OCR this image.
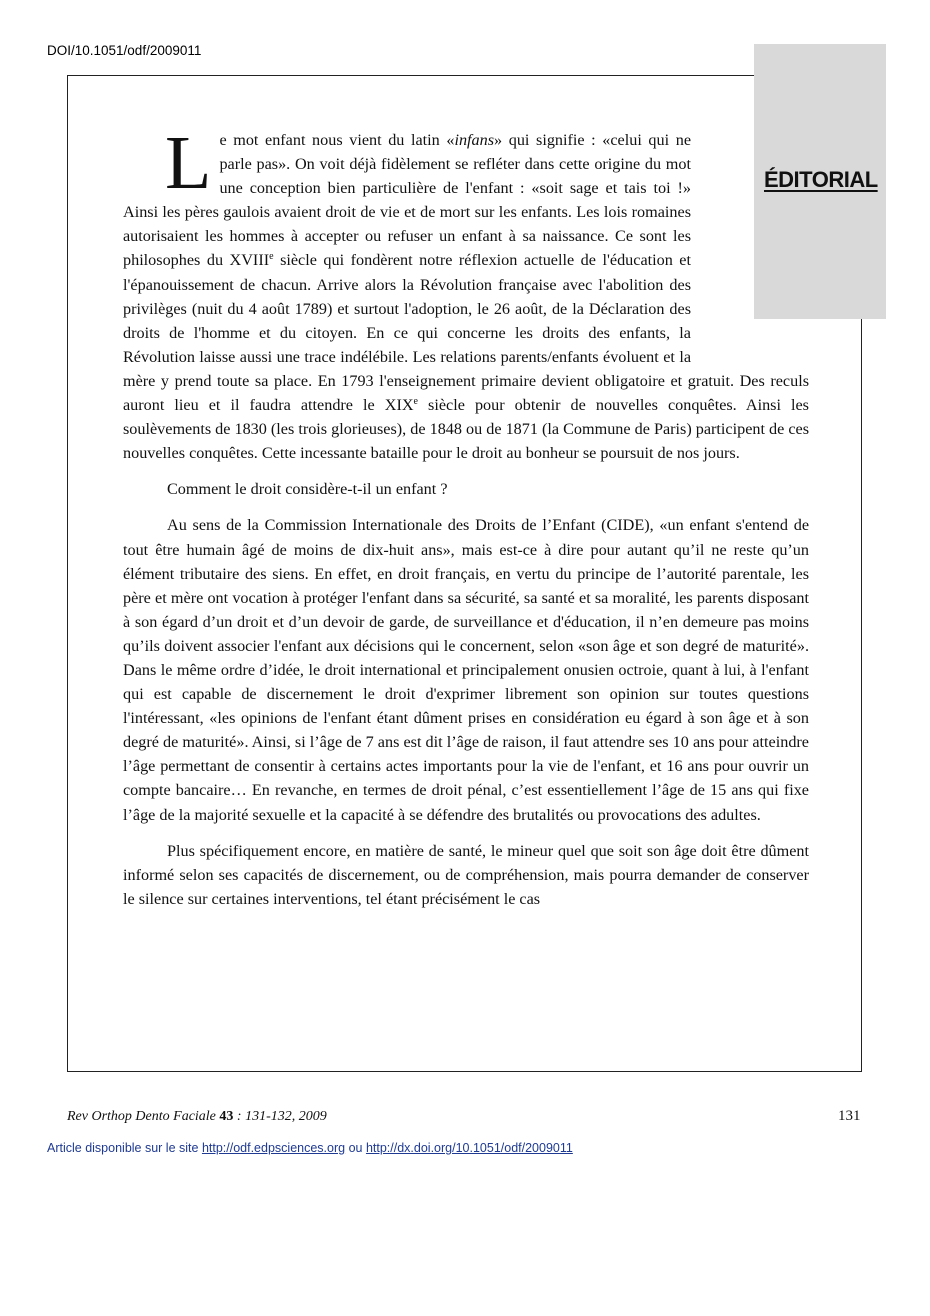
DOI/10.1051/odf/2009011
ÉDITORIAL

Le mot enfant nous vient du latin «infans» qui signifie : «celui qui ne parle pas». On voit déjà fidèlement se refléter dans cette origine du mot une conception bien particulière de l'enfant : «soit sage et tais toi !» Ainsi les pères gaulois avaient droit de vie et de mort sur les enfants. Les lois romaines autorisaient les hommes à accepter ou refuser un enfant à sa naissance. Ce sont les philosophes du XVIIIe siècle qui fondèrent notre réflexion actuelle de l'éducation et l'épanouissement de chacun. Arrive alors la Révolution française avec l'abolition des privilèges (nuit du 4 août 1789) et surtout l'adoption, le 26 août, de la Déclaration des droits de l'homme et du citoyen. En ce qui concerne les droits des enfants, la Révolution laisse aussi une trace indélébile. Les relations parents/enfants évoluent et la mère y prend toute sa place. En 1793 l'enseignement primaire devient obligatoire et gratuit. Des reculs auront lieu et il faudra attendre le XIXe siècle pour obtenir de nouvelles conquêtes. Ainsi les soulèvements de 1830 (les trois glorieuses), de 1848 ou de 1871 (la Commune de Paris) participent de ces nouvelles conquêtes. Cette incessante bataille pour le droit au bonheur se poursuit de nos jours.

Comment le droit considère-t-il un enfant ?

Au sens de la Commission Internationale des Droits de l’Enfant (CIDE), «un enfant s'entend de tout être humain âgé de moins de dix-huit ans», mais est-ce à dire pour autant qu’il ne reste qu’un élément tributaire des siens. En effet, en droit français, en vertu du principe de l’autorité parentale, les père et mère ont vocation à protéger l'enfant dans sa sécurité, sa santé et sa moralité, les parents disposant à son égard d’un droit et d’un devoir de garde, de surveillance et d'éducation, il n’en demeure pas moins qu’ils doivent associer l'enfant aux décisions qui le concernent, selon «son âge et son degré de maturité». Dans le même ordre d’idée, le droit international et principalement onusien octroie, quant à lui, à l'enfant qui est capable de discernement le droit d'exprimer librement son opinion sur toutes questions l'intéressant, «les opinions de l'enfant étant dûment prises en considération eu égard à son âge et à son degré de maturité». Ainsi, si l’âge de 7 ans est dit l’âge de raison, il faut attendre ses 10 ans pour atteindre l’âge permettant de consentir à certains actes importants pour la vie de l'enfant, et 16 ans pour ouvrir un compte bancaire… En revanche, en termes de droit pénal, c’est essentiellement l’âge de 15 ans qui fixe l’âge de la majorité sexuelle et la capacité à se défendre des brutalités ou provocations des adultes.

Plus spécifiquement encore, en matière de santé, le mineur quel que soit son âge doit être dûment informé selon ses capacités de discernement, ou de compréhension, mais pourra demander de conserver le silence sur certaines interventions, tel étant précisément le cas

Rev Orthop Dento Faciale 43 : 131-132, 2009	131
Article disponible sur le site http://odf.edpsciences.org ou http://dx.doi.org/10.1051/odf/2009011
